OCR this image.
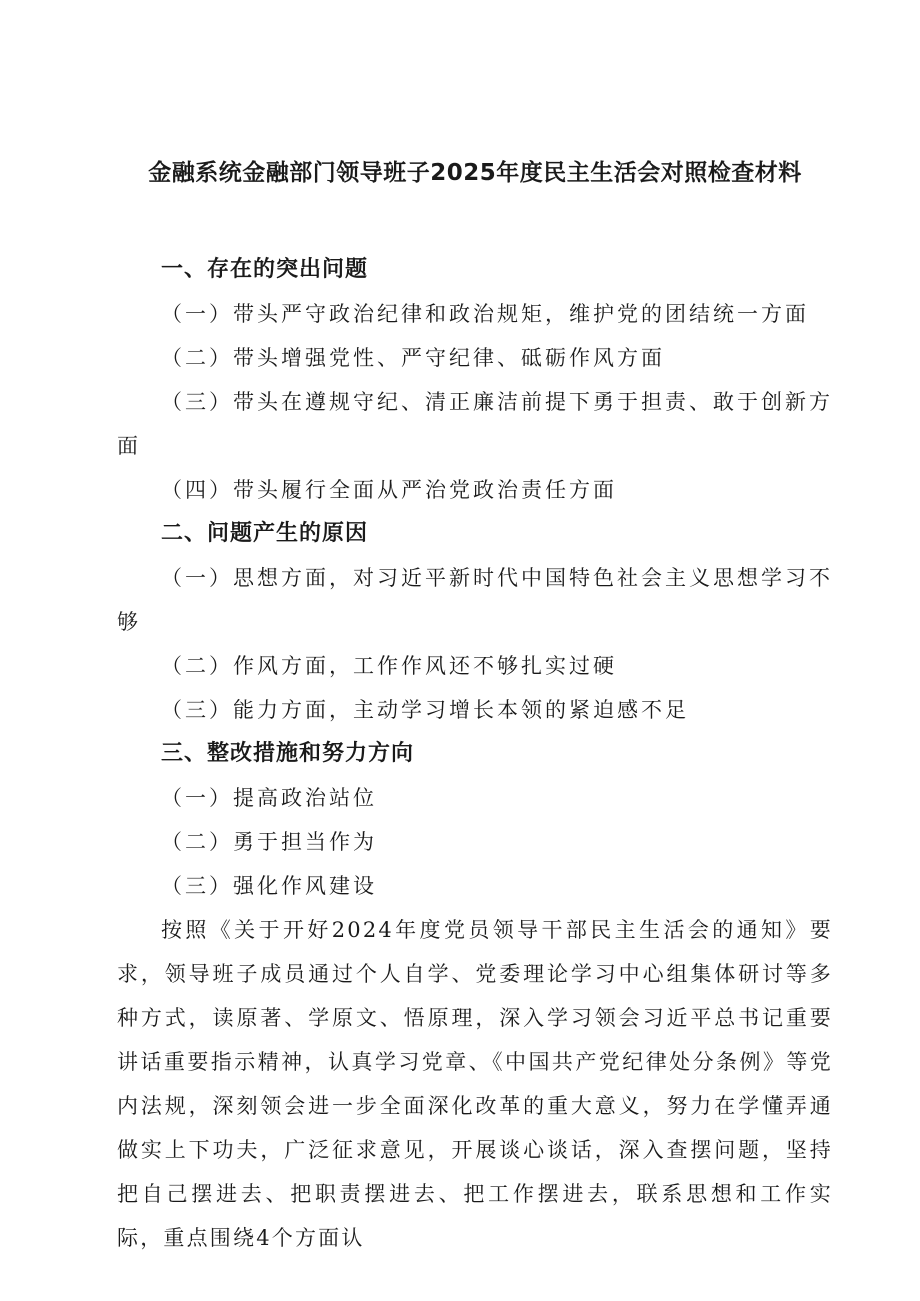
金融系统金融部门领导班子2025年度民主生活会对照检查材料
一、存在的突出问题

（一）带头严守政治纪律和政治规矩，维护党的团结统一方面

（二）带头增强党性、严守纪律、砥砺作风方面

（三）带头在遵规守纪、清正廉洁前提下勇于担责、敢于创新方面

（四）带头履行全面从严治党政治责任方面

二、问题产生的原因

（一）思想方面，对习近平新时代中国特色社会主义思想学习不够

（二）作风方面，工作作风还不够扎实过硬

（三）能力方面，主动学习增长本领的紧迫感不足

三、整改措施和努力方向

（一）提高政治站位

（二）勇于担当作为

（三）强化作风建设

按照《关于开好2024年度党员领导干部民主生活会的通知》要求，领导班子成员通过个人自学、党委理论学习中心组集体研讨等多种方式，读原著、学原文、悟原理，深入学习领会习近平总书记重要讲话重要指示精神，认真学习党章、《中国共产党纪律处分条例》等党内法规，深刻领会进一步全面深化改革的重大意义，努力在学懂弄通做实上下功夫，广泛征求意见，开展谈心谈话，深入查摆问题，坚持把自己摆进去、把职责摆进去、把工作摆进去，联系思想和工作实际，重点围绕4个方面认
